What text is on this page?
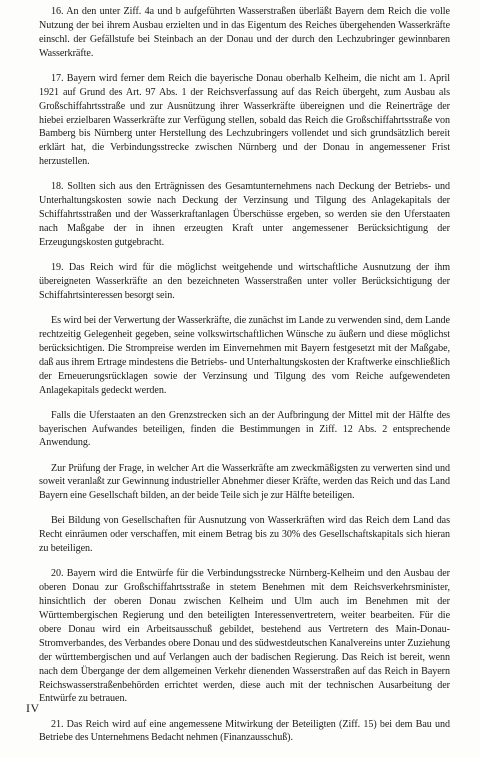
16. An den unter Ziff. 4a und b aufgeführten Wasserstraßen überläßt Bayern dem Reich die volle Nutzung der bei ihrem Ausbau erzielten und in das Eigentum des Reiches übergehenden Wasserkräfte einschl. der Gefällstufe bei Steinbach an der Donau und der durch den Lechzubringer gewinnbaren Wasserkräfte.

17. Bayern wird ferner dem Reich die bayerische Donau oberhalb Kelheim, die nicht am 1. April 1921 auf Grund des Art. 97 Abs. 1 der Reichsverfassung auf das Reich übergeht, zum Ausbau als Großschiffahrtsstraße und zur Ausnützung ihrer Wasserkräfte übereignen und die Reinerträge der hiebei erzielbaren Wasserkräfte zur Verfügung stellen, sobald das Reich die Großschiffahrtsstraße von Bamberg bis Nürnberg unter Herstellung des Lechzubringers vollendet und sich grundsätzlich bereit erklärt hat, die Verbindungsstrecke zwischen Nürnberg und der Donau in angemessener Frist herzustellen.

18. Sollten sich aus den Erträgnissen des Gesamtunternehmens nach Deckung der Betriebs- und Unterhaltungskosten sowie nach Deckung der Verzinsung und Tilgung des Anlagekapitals der Schiffahrtsstraßen und der Wasserkraftanlagen Überschüsse ergeben, so werden sie den Uferstaaten nach Maßgabe der in ihnen erzeugten Kraft unter angemessener Berücksichtigung der Erzeugungskosten gutgebracht.

19. Das Reich wird für die möglichst weitgehende und wirtschaftliche Ausnutzung der ihm übereigneten Wasserkräfte an den bezeichneten Wasserstraßen unter voller Berücksichtigung der Schiffahrtsinteressen besorgt sein.

Es wird bei der Verwertung der Wasserkräfte, die zunächst im Lande zu verwenden sind, dem Lande rechtzeitig Gelegenheit gegeben, seine volkswirtschaftlichen Wünsche zu äußern und diese möglichst berücksichtigen. Die Strompreise werden im Einvernehmen mit Bayern festgesetzt mit der Maßgabe, daß aus ihrem Ertrage mindestens die Betriebs- und Unterhaltungskosten der Kraftwerke einschließlich der Erneuerungsrücklagen sowie der Verzinsung und Tilgung des vom Reiche aufgewendeten Anlagekapitals gedeckt werden.

Falls die Uferstaaten an den Grenzstrecken sich an der Aufbringung der Mittel mit der Hälfte des bayerischen Aufwandes beteiligen, finden die Bestimmungen in Ziff. 12 Abs. 2 entsprechende Anwendung.

Zur Prüfung der Frage, in welcher Art die Wasserkräfte am zweckmäßigsten zu verwerten sind und soweit veranlaßt zur Gewinnung industrieller Abnehmer dieser Kräfte, werden das Reich und das Land Bayern eine Gesellschaft bilden, an der beide Teile sich je zur Hälfte beteiligen.

Bei Bildung von Gesellschaften für Ausnutzung von Wasserkräften wird das Reich dem Land das Recht einräumen oder verschaffen, mit einem Betrag bis zu 30% des Gesellschaftskapitals sich hieran zu beteiligen.

20. Bayern wird die Entwürfe für die Verbindungsstrecke Nürnberg-Kelheim und den Ausbau der oberen Donau zur Großschiffahrtsstraße in stetem Benehmen mit dem Reichsverkehrsminister, hinsichtlich der oberen Donau zwischen Kelheim und Ulm auch im Benehmen mit der Württembergischen Regierung und den beteiligten Interessenvertretern, weiter bearbeiten. Für die obere Donau wird ein Arbeitsausschuß gebildet, bestehend aus Vertretern des Main-Donau-Stromverbandes, des Verbandes obere Donau und des südwestdeutschen Kanalvereins unter Zuziehung der württembergischen und auf Verlangen auch der badischen Regierung. Das Reich ist bereit, wenn nach dem Übergange der dem allgemeinen Verkehr dienenden Wasserstraßen auf das Reich in Bayern Reichswasserstraßenbehörden errichtet werden, diese auch mit der technischen Ausarbeitung der Entwürfe zu betrauen.

21. Das Reich wird auf eine angemessene Mitwirkung der Beteiligten (Ziff. 15) bei dem Bau und Betriebe des Unternehmens Bedacht nehmen (Finanzausschuß).

IV
